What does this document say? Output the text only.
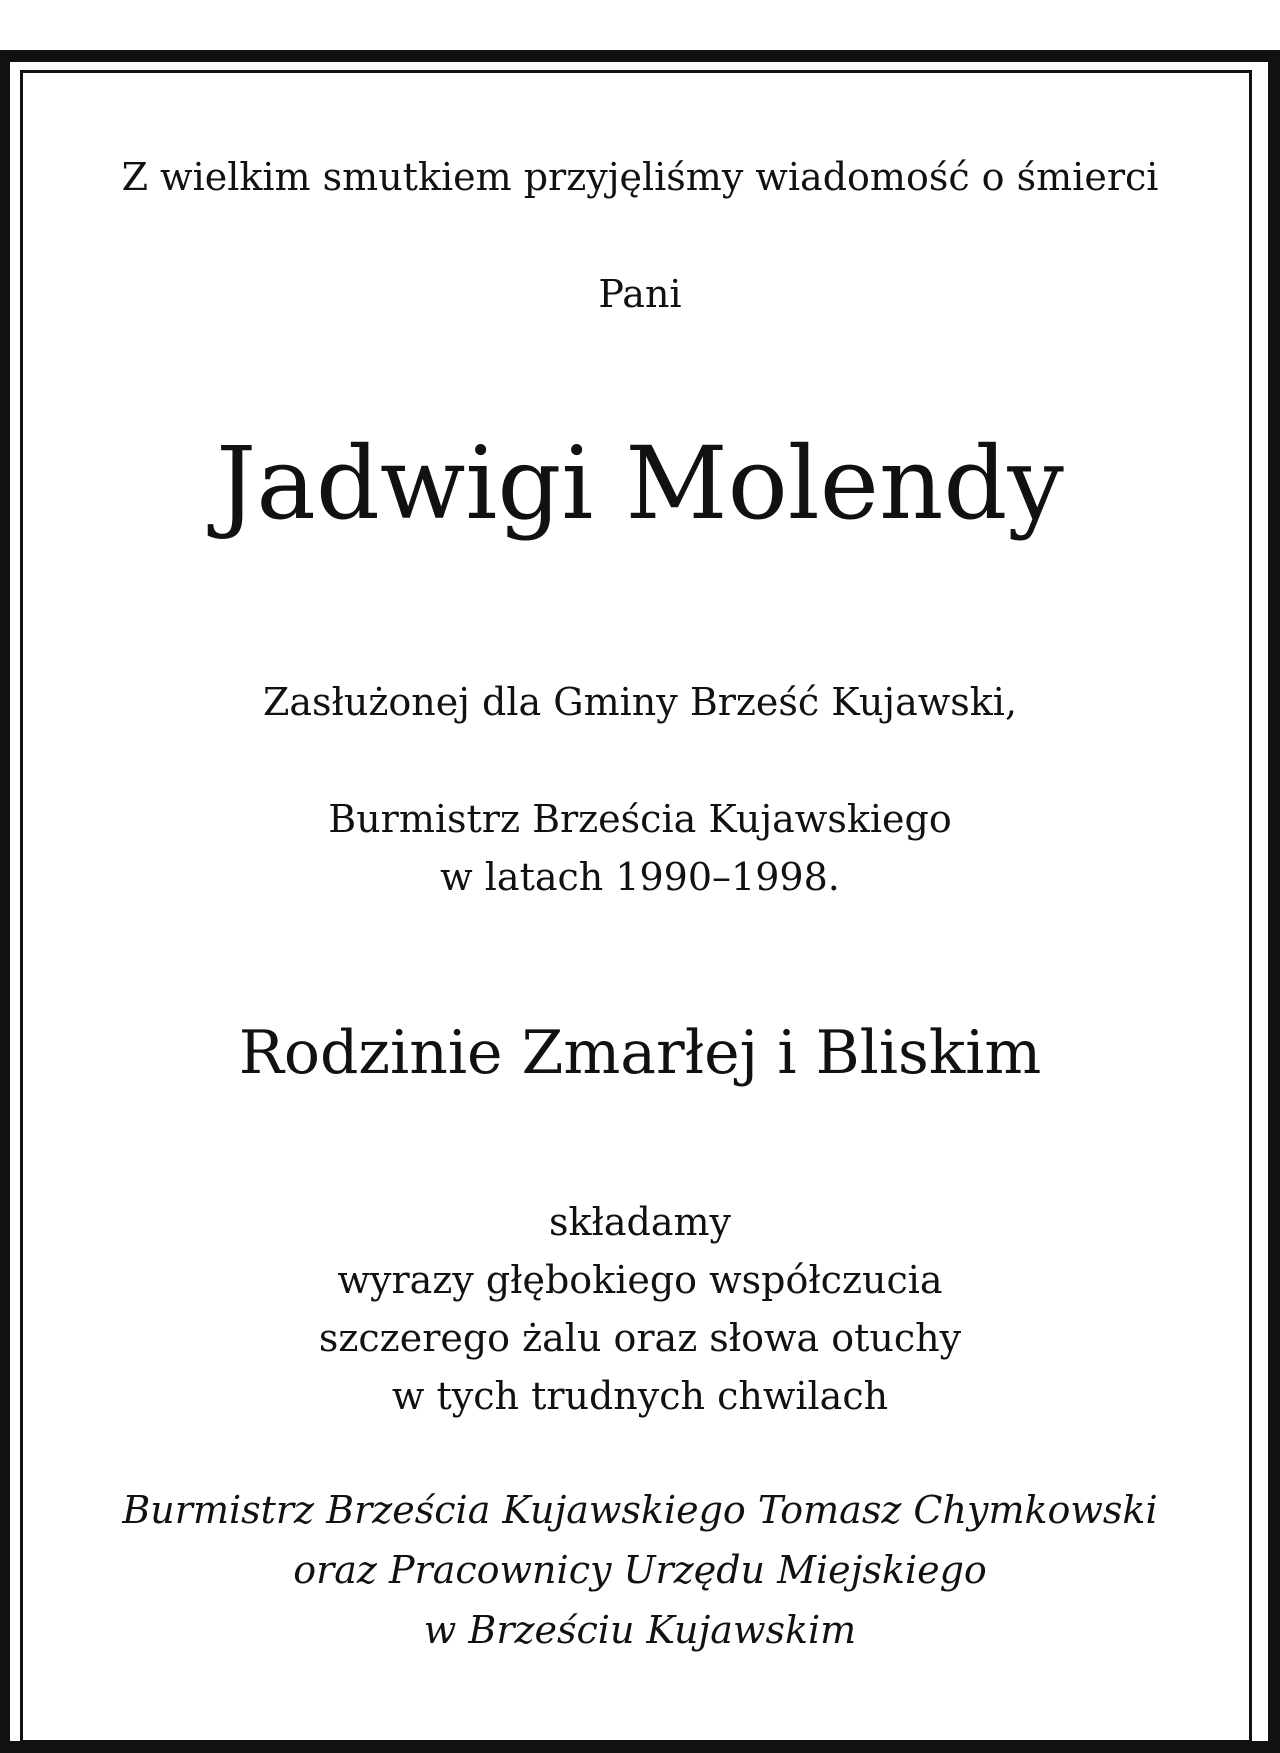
Z wielkim smutkiem przyjęliśmy wiadomość o śmierci

Pani

Jadwigi Molendy

Zasłużonej dla Gminy Brześć Kujawski,

Burmistrz Brześcia Kujawskiego

w latach 1990–1998.

Rodzinie Zmarłej i Bliskim

składamy

wyrazy głębokiego współczucia

szczerego żalu oraz słowa otuchy

w tych trudnych chwilach

Burmistrz Brześcia Kujawskiego Tomasz Chymkowski

oraz Pracownicy Urzędu Miejskiego

w Brześciu Kujawskim
